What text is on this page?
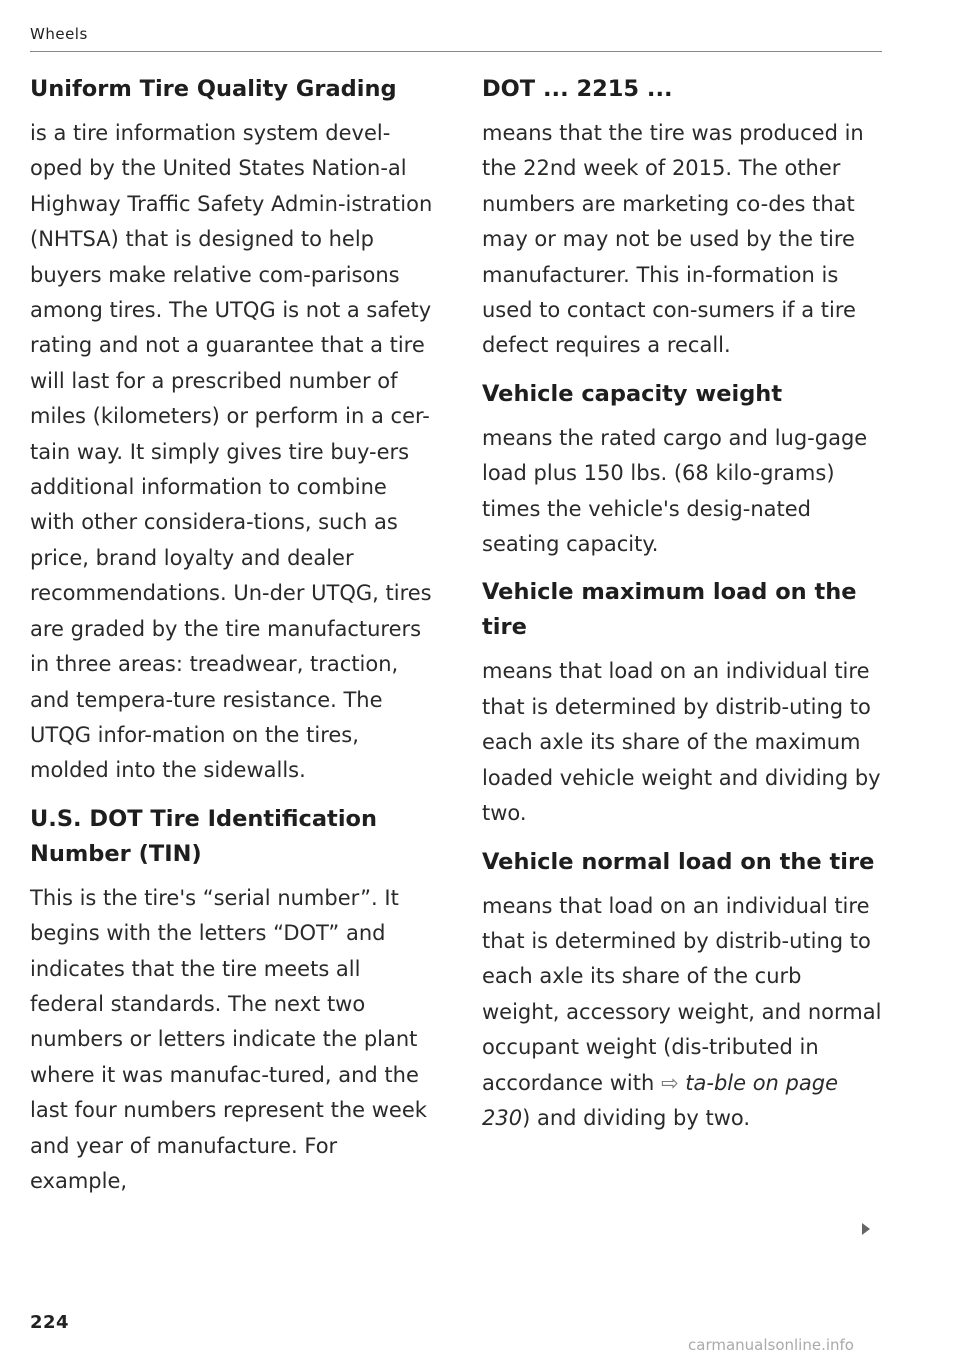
Wheels
Uniform Tire Quality Grading

is a tire information system devel-oped by the United States Nation-al Highway Traffic Safety Admin-istration (NHTSA) that is designed to help buyers make relative com-parisons among tires. The UTQG is not a safety rating and not a guarantee that a tire will last for a prescribed number of miles (kilometers) or perform in a cer-tain way. It simply gives tire buy-ers additional information to combine with other considera-tions, such as price, brand loyalty and dealer recommendations. Un-der UTQG, tires are graded by the tire manufacturers in three areas: treadwear, traction, and tempera-ture resistance. The UTQG infor-mation on the tires, molded into the sidewalls.

U.S. DOT Tire Identification Number (TIN)

This is the tire's “serial number”. It begins with the letters “DOT” and indicates that the tire meets all federal standards. The next two numbers or letters indicate the plant where it was manufac-tured, and the last four numbers represent the week and year of manufacture. For example,

DOT ... 2215 ...

means that the tire was produced in the 22nd week of 2015. The other numbers are marketing co-des that may or may not be used by the tire manufacturer. This in-formation is used to contact con-sumers if a tire defect requires a recall.

Vehicle capacity weight

means the rated cargo and lug-gage load plus 150 lbs. (68 kilo-grams) times the vehicle's desig-nated seating capacity.

Vehicle maximum load on the tire

means that load on an individual tire that is determined by distrib-uting to each axle its share of the maximum loaded vehicle weight and dividing by two.

Vehicle normal load on the tire

means that load on an individual tire that is determined by distrib-uting to each axle its share of the curb weight, accessory weight, and normal occupant weight (dis-tributed in accordance with ⇨ ta-ble on page 230) and dividing by two.

224
carmanualsonline.info
